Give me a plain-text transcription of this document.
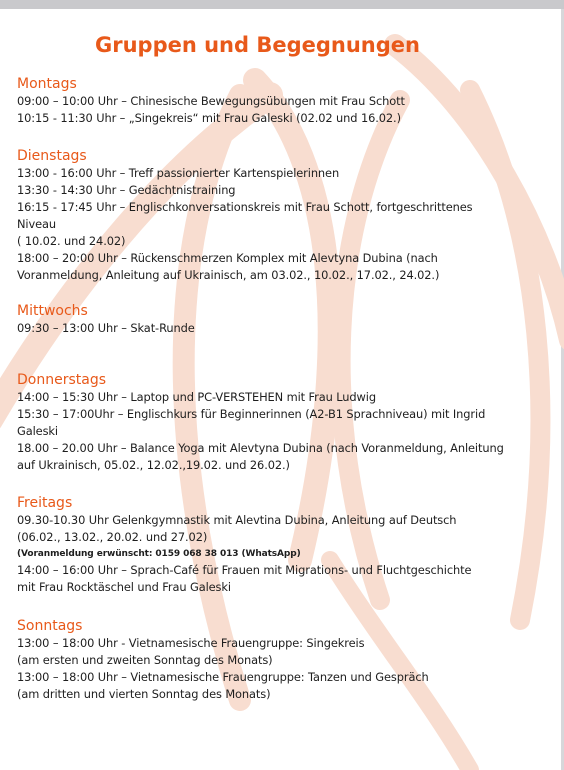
Gruppen und Begegnungen
Montags
09:00 – 10:00 Uhr – Chinesische Bewegungsübungen mit Frau Schott
10:15 - 11:30 Uhr – „Singekreis“ mit Frau Galeski (02.02 und 16.02.)
Dienstags
13:00 - 16:00 Uhr – Treff passionierter Kartenspielerinnen
13:30 - 14:30 Uhr – Gedächtnistraining
16:15 - 17:45 Uhr – Englischkonversationskreis mit Frau Schott, fortgeschrittenes
Niveau
( 10.02. und 24.02)
18:00 – 20:00 Uhr – Rückenschmerzen Komplex mit Alevtyna Dubina (nach
Voranmeldung, Anleitung auf Ukrainisch, am 03.02., 10.02., 17.02., 24.02.)
Mittwochs
09:30 – 13:00 Uhr – Skat-Runde
Donnerstags
14:00 – 15:30 Uhr – Laptop und PC-VERSTEHEN mit Frau Ludwig
15:30 – 17:00Uhr – Englischkurs für Beginnerinnen (A2-B1 Sprachniveau) mit Ingrid
Galeski
18.00 – 20.00 Uhr – Balance Yoga mit Alevtyna Dubina (nach Voranmeldung, Anleitung
auf Ukrainisch, 05.02., 12.02.,19.02. und 26.02.)
Freitags
09.30-10.30 Uhr Gelenkgymnastik mit Alevtina Dubina, Anleitung auf Deutsch
(06.02., 13.02., 20.02. und 27.02)
(Voranmeldung erwünscht: 0159 068 38 013 (WhatsApp)
14:00 – 16:00 Uhr – Sprach-Café für Frauen mit Migrations- und Fluchtgeschichte
mit Frau Rocktäschel und Frau Galeski
Sonntags
13:00 – 18:00 Uhr - Vietnamesische Frauengruppe: Singekreis
(am ersten und zweiten Sonntag des Monats)
13:00 – 18:00 Uhr – Vietnamesische Frauengruppe: Tanzen und Gespräch
(am dritten und vierten Sonntag des Monats)
